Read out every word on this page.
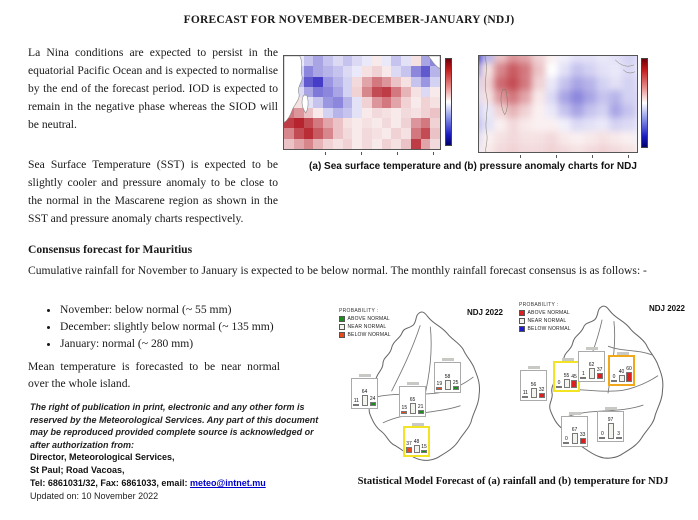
FORECAST FOR NOVEMBER-DECEMBER-JANUARY (NDJ)

La Nina conditions are expected to persist in the equatorial Pacific Ocean and is expected to normalise by the end of the forecast period. IOD is expected to remain in the negative phase whereas the SIOD will be neutral.

Sea Surface Temperature (SST) is expected to be slightly cooler and pressure anomaly to be close to the normal in the Mascarene region as shown in the SST and pressure anomaly charts respectively.

(a) Sea surface temperature and (b) pressure anomaly charts for NDJ
Consensus forecast for Mauritius

Cumulative rainfall for November to January is expected to be below normal. The monthly rainfall forecast consensus is as follows: -

• November: below normal (~ 55 mm)
• December: slightly below normal (~ 135 mm)
• January: normal (~ 280 mm)

Mean temperature is forecasted to be near normal over the whole island.

The right of publication in print, electronic and any other form is reserved by the Meteorological Services. Any part of this document may be reproduced provided complete source is acknowledged or after authorization from:

Director, Meteorological Services,

St Paul; Road Vacoas,

Tel: 6861031/32, Fax: 6861033, email: meteo@intnet.mu

Updated on: 10 November 2022

PROBABILITY :
ABOVE NORMAL
NEAR NORMAL
BELOW NORMAL
NDJ 2022
11
64
24
15
65
21
19
58
25
37 48
15
PROBABILITY :
ABOVE NORMAL
NEAR NORMAL
BELOW NORMAL
NDJ 2022
11
56
32
0
55 45 1
62
37
0
40 60
0
67
33	0
97
3
Statistical Model Forecast of (a) rainfall and (b) temperature for NDJ
